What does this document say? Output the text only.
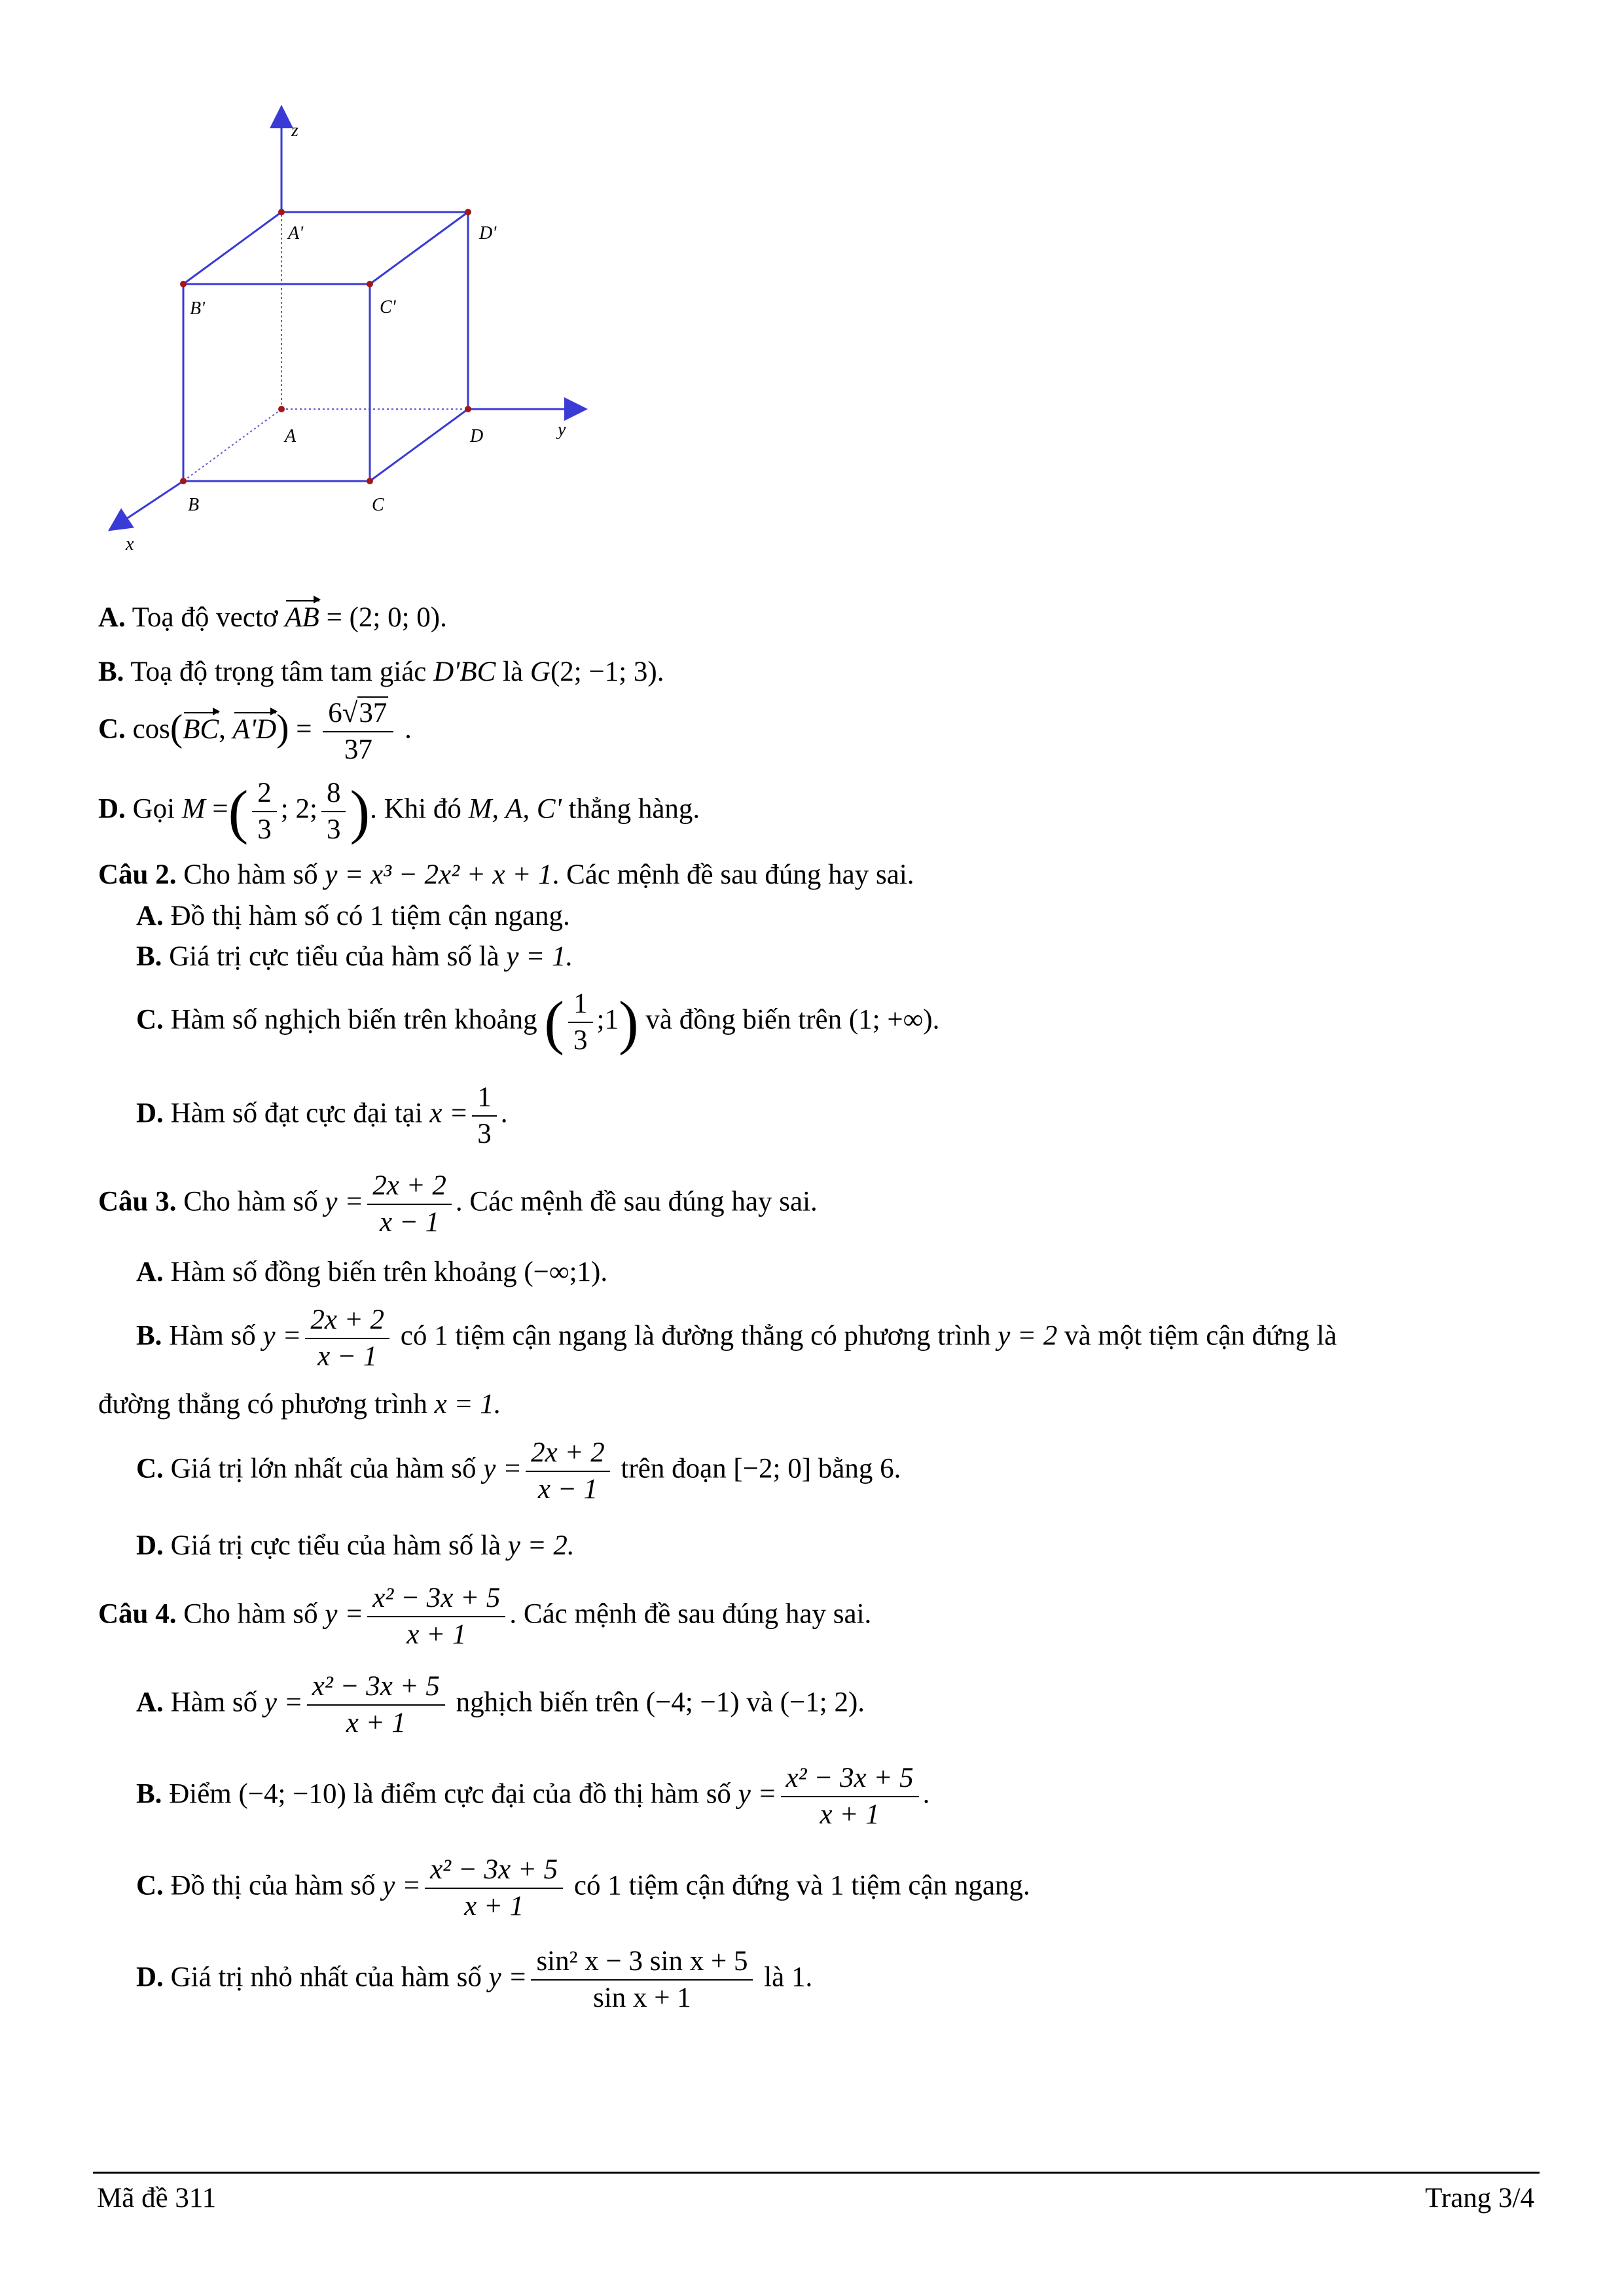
z
y
x
A'	D'
B'	C'
A	D
B	C
A. Toạ độ vectơ AB = (2; 0; 0).
B. Toạ độ trọng tâm tam giác D'BC là G(2; −1; 3).
C. cos(BC, $A'D) = \frac{6√37}{37}$ .
D. Gọi M =( $\frac{2}{3}$ ; 2; $\frac{8}{3}$ ). Khi đó M, A, C' thẳng hàng.
Câu 2. Cho hàm số y = x³ − 2x² + x + 1. Các mệnh đề sau đúng hay sai.
A. Đồ thị hàm số có 1 tiệm cận ngang.
B. Giá trị cực tiểu của hàm số là y = 1.
C. Hàm số nghịch biến trên khoảng ( $\frac{1}{3}$ ;1) và đồng biến trên (1; +∞).
D. Hàm số đạt cực đại tại $x = \frac{1}{3}$ .
Câu 3. Cho hàm số $y = \frac{2x + 2}{x - 1}$ . Các mệnh đề sau đúng hay sai.
A. Hàm số đồng biến trên khoảng (−∞;1).
B. Hàm số $y = \frac{2x + 2}{x - 1}$ có 1 tiệm cận ngang là đường thẳng có phương trình y = 2 và một tiệm cận đứng là
đường thẳng có phương trình x = 1.
C. Giá trị lớn nhất của hàm số $y = \frac{2x + 2}{x - 1}$ trên đoạn [−2; 0] bằng 6.
D. Giá trị cực tiểu của hàm số là y = 2.
Câu 4. Cho hàm số $y = \frac{\text{x² − 3x + 5}}{x + 1}$ . Các mệnh đề sau đúng hay sai.
A. Hàm số $y = \frac{\text{x² − 3x + 5}}{x + 1}$ nghịch biến trên (−4; −1) và (−1; 2).
B. Điểm (−4; −10) là điểm cực đại của đồ thị hàm số $y = \frac{\text{x² − 3x + 5}}{x + 1}$ .
C. Đồ thị của hàm số $y = \frac{\text{x² − 3x + 5}}{x + 1}$ có 1 tiệm cận đứng và 1 tiệm cận ngang.
D. Giá trị nhỏ nhất của hàm số $y = \frac{\text{sin² x − 3 sin x + 5}}{\text{sin x + 1}}$ là 1.
Mã đề 311	Trang 3/4
